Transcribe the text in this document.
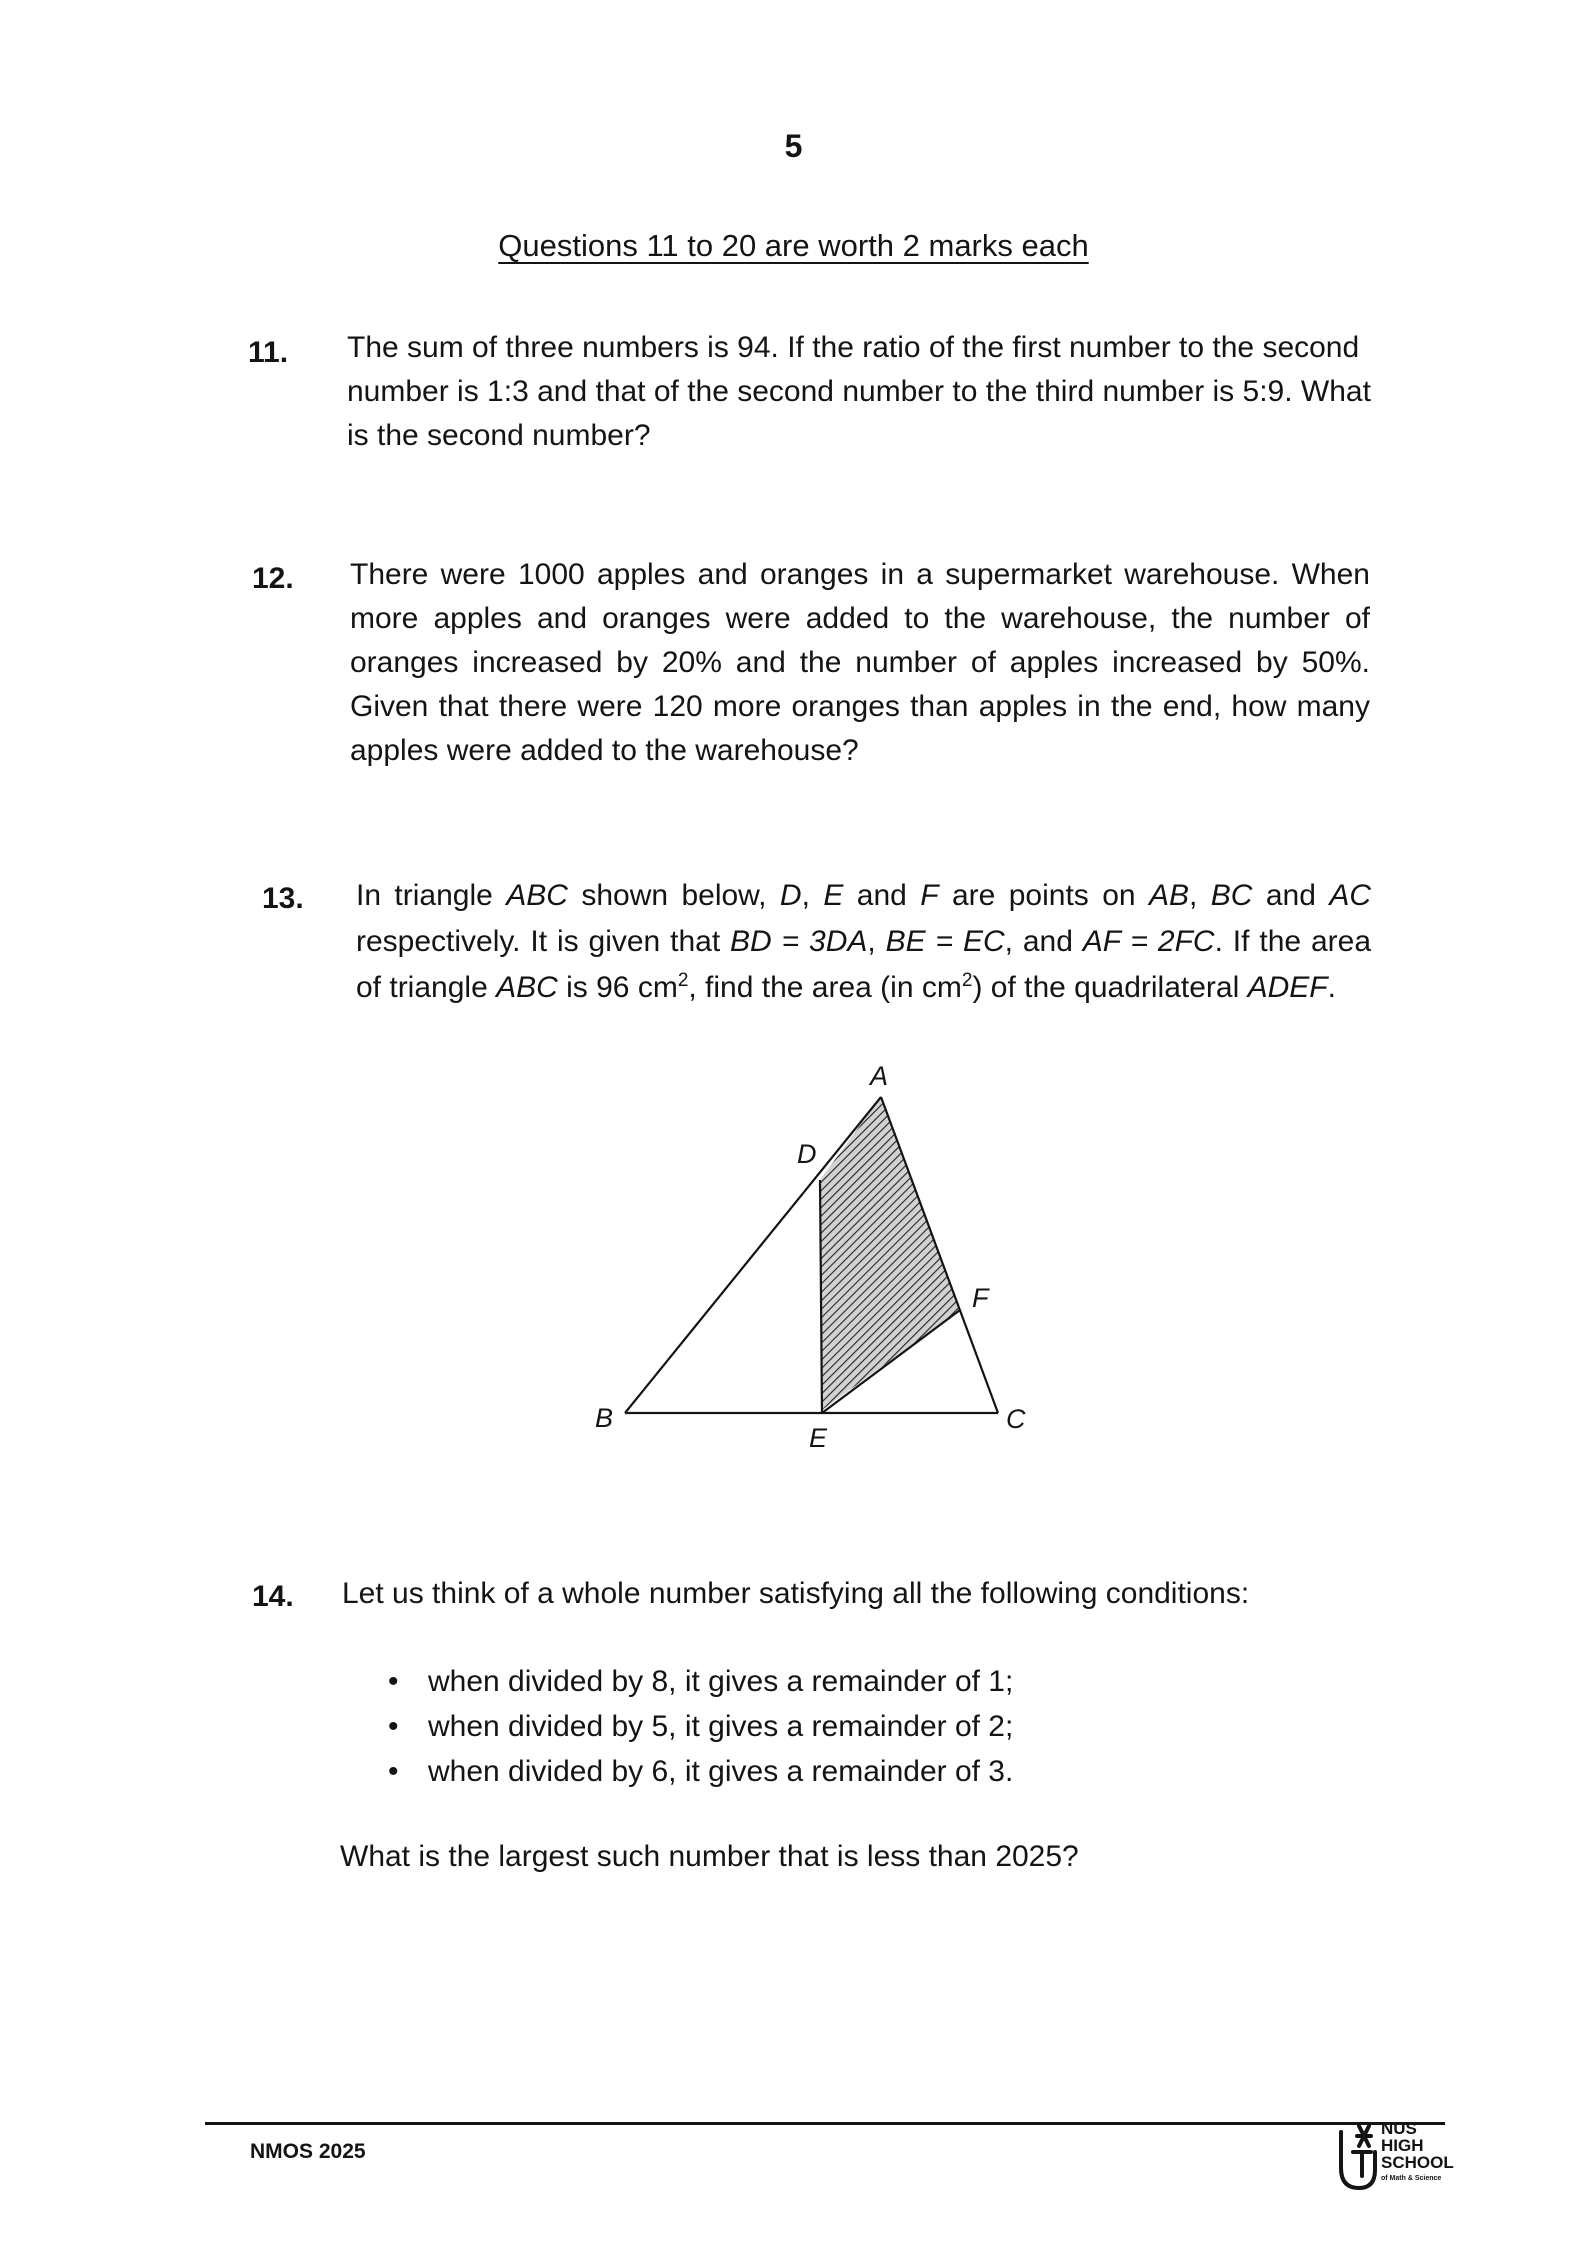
5
Questions 11 to 20 are worth 2 marks each
11. The sum of three numbers is 94. If the ratio of the first number to the second number is 1:3 and that of the second number to the third number is 5:9. What is the second number?

12. There were 1000 apples and oranges in a supermarket warehouse. When more apples and oranges were added to the warehouse, the number of oranges increased by 20% and the number of apples increased by 50%. Given that there were 120 more oranges than apples in the end, how many apples were added to the warehouse?

13. In triangle ABC shown below, D, E and F are points on AB, BC and AC respectively. It is given that BD = 3DA, BE = EC, and AF = 2FC. If the area of triangle ABC is 96 $cm^2$, find the area (in $cm^2$) of the quadrilateral ADEF.

A
D
F
B
E
C
14. Let us think of a whole number satisfying all the following conditions:

• when divided by 8, it gives a remainder of 1;
• when divided by 5, it gives a remainder of 2;
• when divided by 6, it gives a remainder of 3.

What is the largest such number that is less than 2025?

NMOS 2025
NUS
HIGH
SCHOOL
of Math & Science
